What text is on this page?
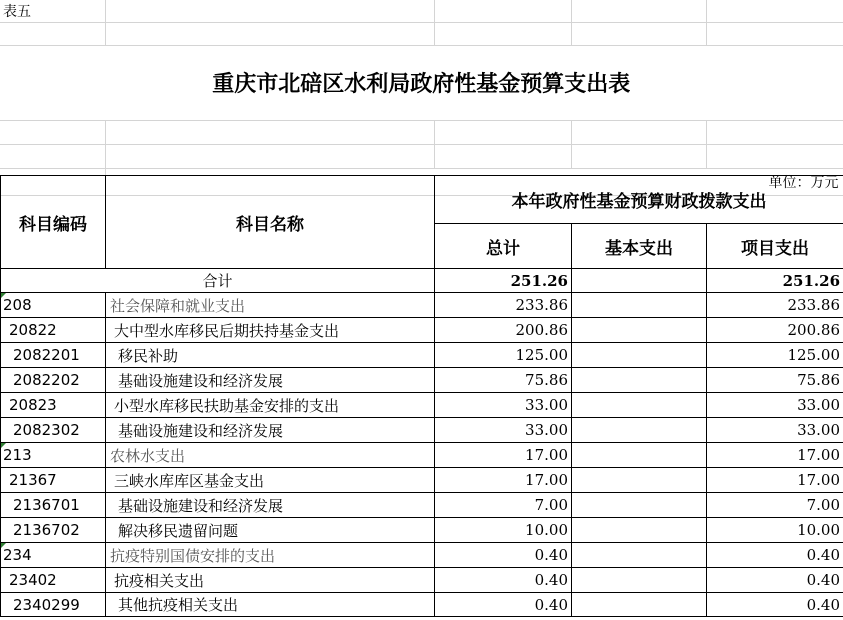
表五				

重庆市北碚区水利局政府性基金预算支出表				

	单位：万元			
科目编码	科目名称	本年政府性基金预算财政拨款支出		
		总计	基本支出	项目支出
合计		251.26		251.26
208	社会保障和就业支出	233.86		233.86
20822	大中型水库移民后期扶持基金支出	200.86		200.86
2082201	移民补助	125.00		125.00
2082202	基础设施建设和经济发展	75.86		75.86
20823	小型水库移民扶助基金安排的支出	33.00		33.00
2082302	基础设施建设和经济发展	33.00		33.00
213	农林水支出	17.00		17.00
21367	三峡水库库区基金支出	17.00		17.00
2136701	基础设施建设和经济发展	7.00		7.00
2136702	解决移民遗留问题	10.00		10.00
234	抗疫特别国债安排的支出	0.40		0.40
23402	抗疫相关支出	0.40		0.40
2340299	其他抗疫相关支出	0.40		0.40
